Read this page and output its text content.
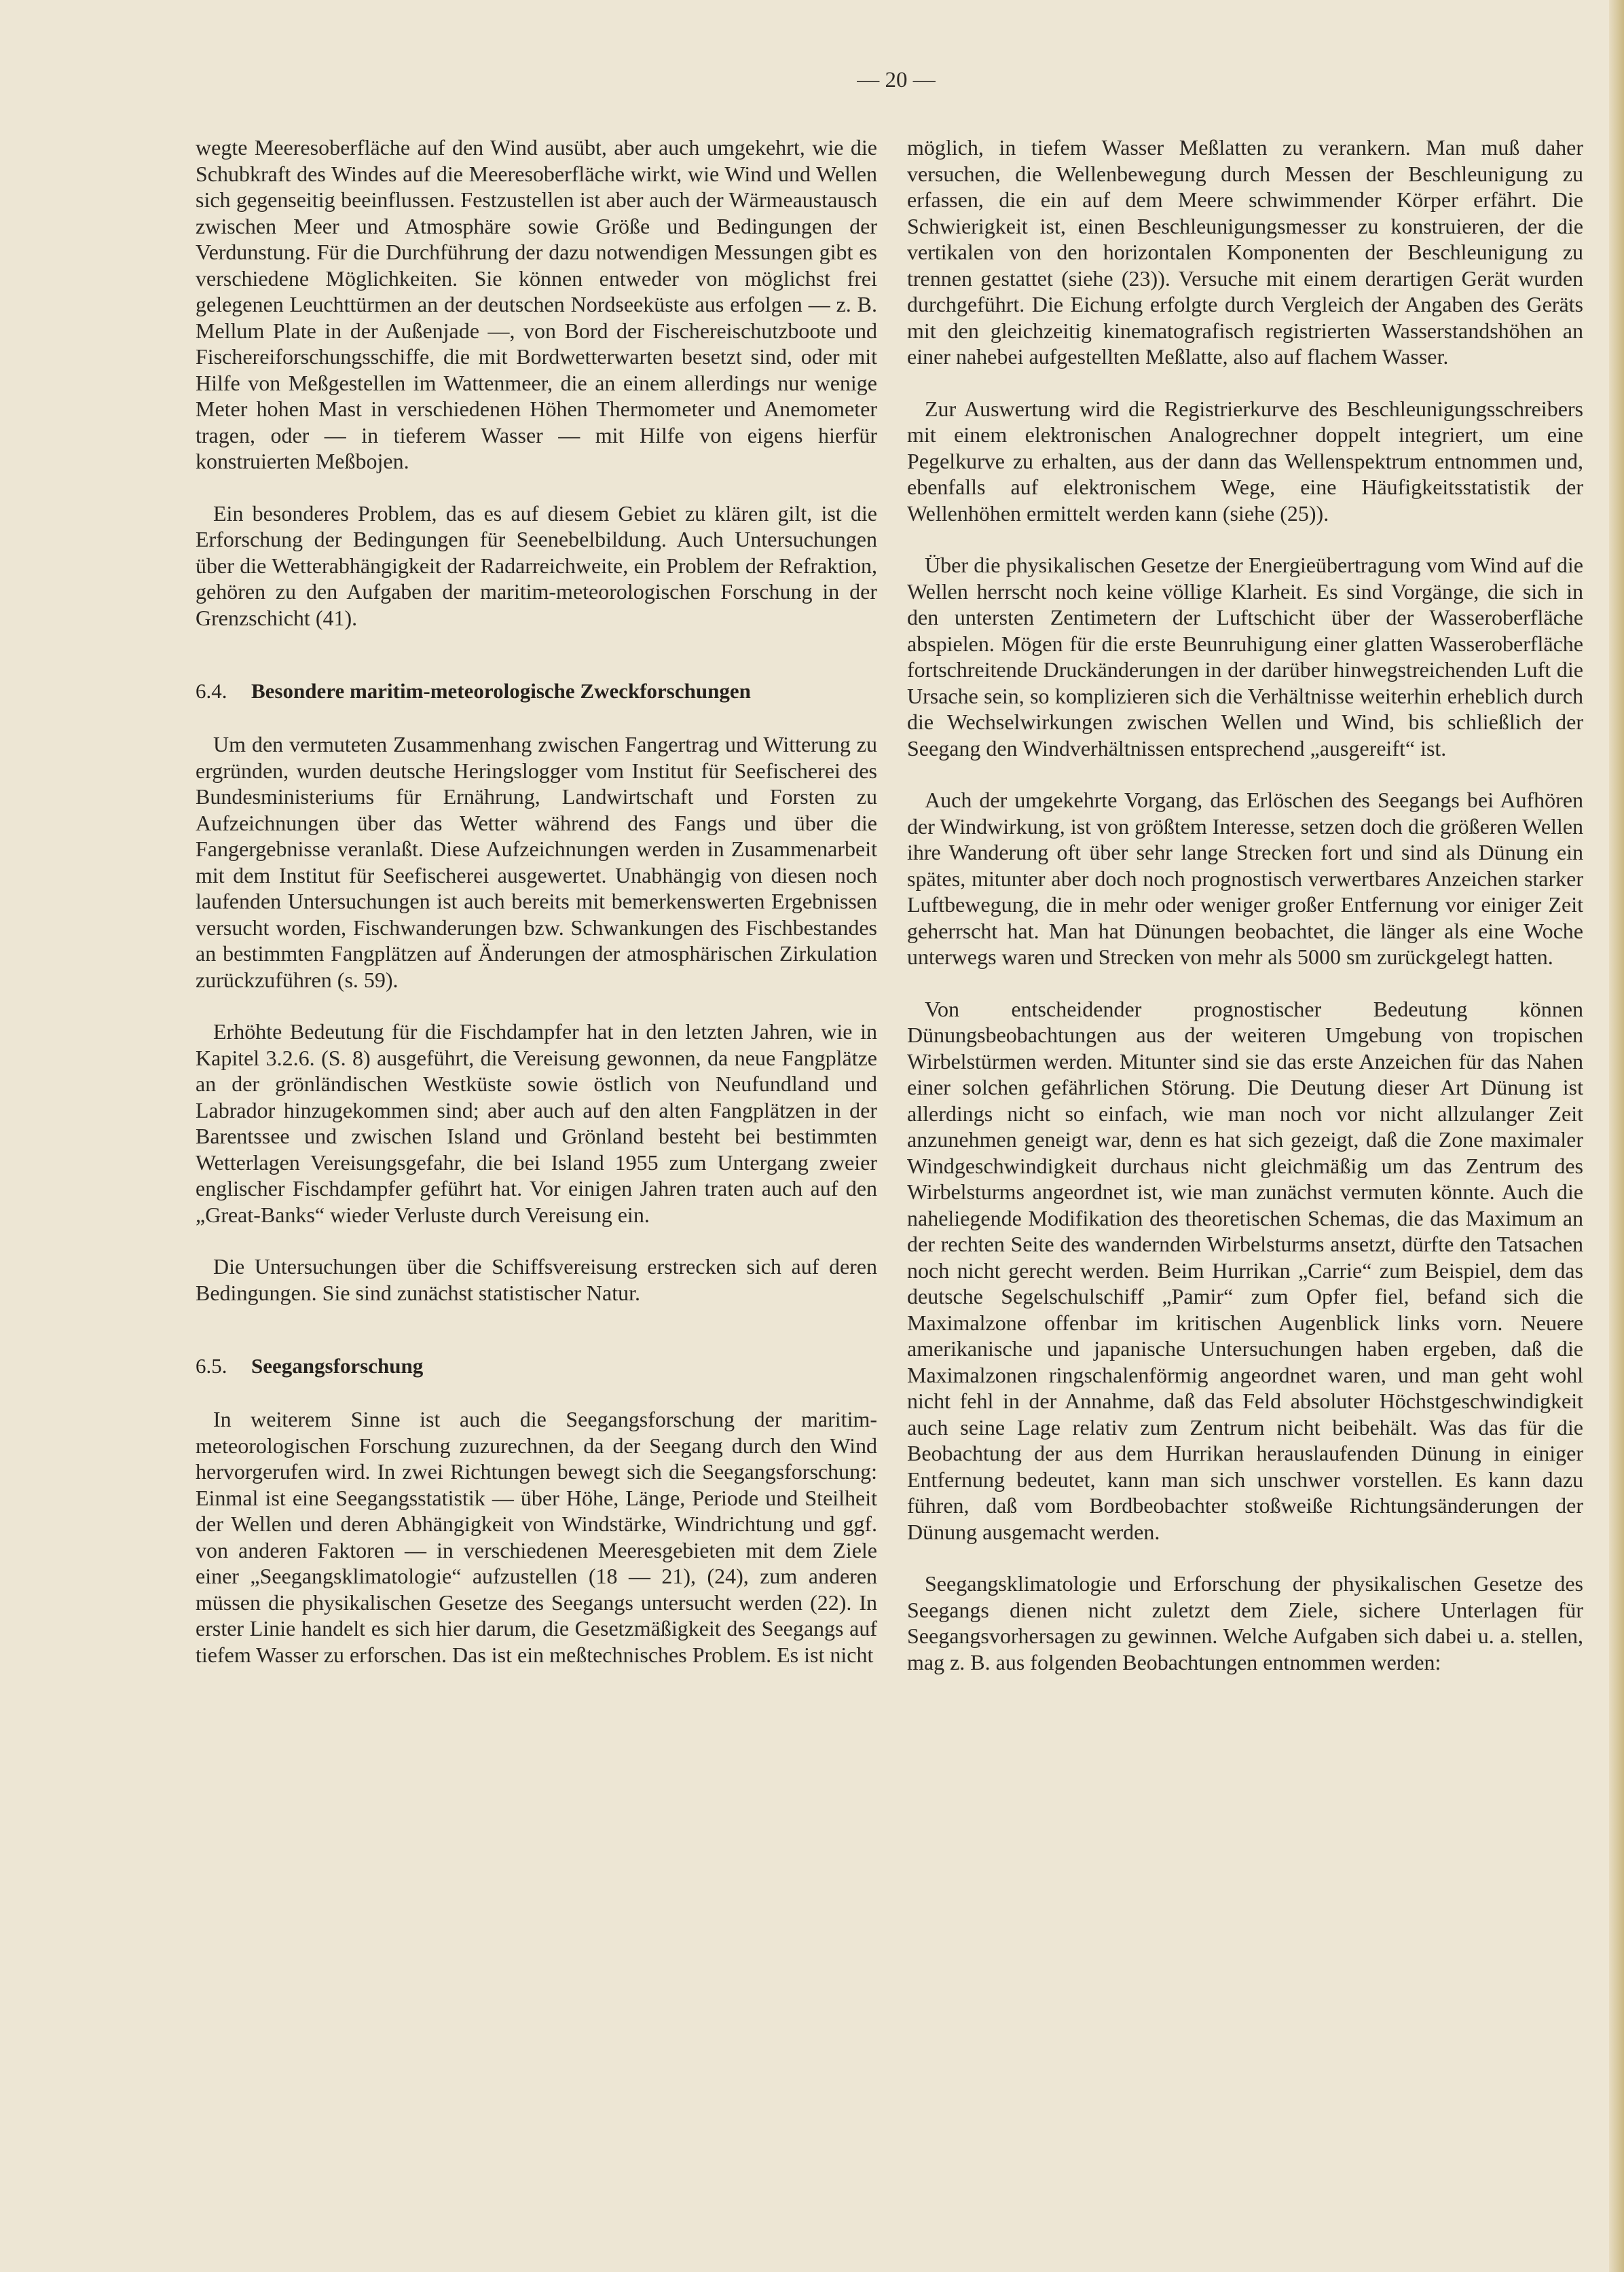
— 20 —

wegte Meeresoberfläche auf den Wind ausübt, aber auch umgekehrt, wie die Schubkraft des Windes auf die Meeresoberfläche wirkt, wie Wind und Wellen sich gegenseitig beeinflussen. Festzustellen ist aber auch der Wärmeaustausch zwischen Meer und Atmosphäre sowie Größe und Bedingungen der Verdunstung. Für die Durchführung der dazu notwendigen Messungen gibt es verschiedene Möglichkeiten. Sie können entweder von möglichst frei gelegenen Leuchttürmen an der deutschen Nordseeküste aus erfolgen — z. B. Mellum Plate in der Außenjade —, von Bord der Fischereischutzboote und Fischereiforschungsschiffe, die mit Bordwetterwarten besetzt sind, oder mit Hilfe von Meßgestellen im Wattenmeer, die an einem allerdings nur wenige Meter hohen Mast in verschiedenen Höhen Thermometer und Anemometer tragen, oder — in tieferem Wasser — mit Hilfe von eigens hierfür konstruierten Meßbojen.

Ein besonderes Problem, das es auf diesem Gebiet zu klären gilt, ist die Erforschung der Bedingungen für Seenebelbildung. Auch Untersuchungen über die Wetterabhängigkeit der Radarreichweite, ein Problem der Refraktion, gehören zu den Aufgaben der maritim-meteorologischen Forschung in der Grenzschicht (41).

6.4.	Besondere maritim-meteorologische Zweckforschungen

Um den vermuteten Zusammenhang zwischen Fangertrag und Witterung zu ergründen, wurden deutsche Heringslogger vom Institut für Seefischerei des Bundesministeriums für Ernährung, Landwirtschaft und Forsten zu Aufzeichnungen über das Wetter während des Fangs und über die Fangergebnisse veranlaßt. Diese Aufzeichnungen werden in Zusammenarbeit mit dem Institut für Seefischerei ausgewertet. Unabhängig von diesen noch laufenden Untersuchungen ist auch bereits mit bemerkenswerten Ergebnissen versucht worden, Fischwanderungen bzw. Schwankungen des Fischbestandes an bestimmten Fangplätzen auf Änderungen der atmosphärischen Zirkulation zurückzuführen (s. 59).

Erhöhte Bedeutung für die Fischdampfer hat in den letzten Jahren, wie in Kapitel 3.2.6. (S. 8) ausgeführt, die Vereisung gewonnen, da neue Fangplätze an der grönländischen Westküste sowie östlich von Neufundland und Labrador hinzugekommen sind; aber auch auf den alten Fangplätzen in der Barentssee und zwischen Island und Grönland besteht bei bestimmten Wetterlagen Vereisungsgefahr, die bei Island 1955 zum Untergang zweier englischer Fischdampfer geführt hat. Vor einigen Jahren traten auch auf den „Great-Banks“ wieder Verluste durch Vereisung ein.

Die Untersuchungen über die Schiffsvereisung erstrecken sich auf deren Bedingungen. Sie sind zunächst statistischer Natur.

6.5.	Seegangsforschung

In weiterem Sinne ist auch die Seegangsforschung der maritim-meteorologischen Forschung zuzurechnen, da der Seegang durch den Wind hervorgerufen wird. In zwei Richtungen bewegt sich die Seegangsforschung: Einmal ist eine Seegangsstatistik — über Höhe, Länge, Periode und Steilheit der Wellen und deren Abhängigkeit von Windstärke, Windrichtung und ggf. von anderen Faktoren — in verschiedenen Meeresgebieten mit dem Ziele einer „Seegangsklimatologie“ aufzustellen (18 — 21), (24), zum anderen müssen die physikalischen Gesetze des Seegangs untersucht werden (22). In erster Linie handelt es sich hier darum, die Gesetzmäßigkeit des Seegangs auf tiefem Wasser zu erforschen. Das ist ein meßtechnisches Problem. Es ist nicht

möglich, in tiefem Wasser Meßlatten zu verankern. Man muß daher versuchen, die Wellenbewegung durch Messen der Beschleunigung zu erfassen, die ein auf dem Meere schwimmender Körper erfährt. Die Schwierigkeit ist, einen Beschleunigungsmesser zu konstruieren, der die vertikalen von den horizontalen Komponenten der Beschleunigung zu trennen gestattet (siehe (23)). Versuche mit einem derartigen Gerät wurden durchgeführt. Die Eichung erfolgte durch Vergleich der Angaben des Geräts mit den gleichzeitig kinematografisch registrierten Wasserstandshöhen an einer nahebei aufgestellten Meßlatte, also auf flachem Wasser.

Zur Auswertung wird die Registrierkurve des Beschleunigungsschreibers mit einem elektronischen Analogrechner doppelt integriert, um eine Pegelkurve zu erhalten, aus der dann das Wellenspektrum entnommen und, ebenfalls auf elektronischem Wege, eine Häufigkeitsstatistik der Wellenhöhen ermittelt werden kann (siehe (25)).

Über die physikalischen Gesetze der Energieübertragung vom Wind auf die Wellen herrscht noch keine völlige Klarheit. Es sind Vorgänge, die sich in den untersten Zentimetern der Luftschicht über der Wasseroberfläche abspielen. Mögen für die erste Beunruhigung einer glatten Wasseroberfläche fortschreitende Druckänderungen in der darüber hinwegstreichenden Luft die Ursache sein, so komplizieren sich die Verhältnisse weiterhin erheblich durch die Wechselwirkungen zwischen Wellen und Wind, bis schließlich der Seegang den Windverhältnissen entsprechend „ausgereift“ ist.

Auch der umgekehrte Vorgang, das Erlöschen des Seegangs bei Aufhören der Windwirkung, ist von größtem Interesse, setzen doch die größeren Wellen ihre Wanderung oft über sehr lange Strecken fort und sind als Dünung ein spätes, mitunter aber doch noch prognostisch verwertbares Anzeichen starker Luftbewegung, die in mehr oder weniger großer Entfernung vor einiger Zeit geherrscht hat. Man hat Dünungen beobachtet, die länger als eine Woche unterwegs waren und Strecken von mehr als 5000 sm zurückgelegt hatten.

Von entscheidender prognostischer Bedeutung können Dünungsbeobachtungen aus der weiteren Umgebung von tropischen Wirbelstürmen werden. Mitunter sind sie das erste Anzeichen für das Nahen einer solchen gefährlichen Störung. Die Deutung dieser Art Dünung ist allerdings nicht so einfach, wie man noch vor nicht allzulanger Zeit anzunehmen geneigt war, denn es hat sich gezeigt, daß die Zone maximaler Windgeschwindigkeit durchaus nicht gleichmäßig um das Zentrum des Wirbelsturms angeordnet ist, wie man zunächst vermuten könnte. Auch die naheliegende Modifikation des theoretischen Schemas, die das Maximum an der rechten Seite des wandernden Wirbelsturms ansetzt, dürfte den Tatsachen noch nicht gerecht werden. Beim Hurrikan „Carrie“ zum Beispiel, dem das deutsche Segelschulschiff „Pamir“ zum Opfer fiel, befand sich die Maximalzone offenbar im kritischen Augenblick links vorn. Neuere amerikanische und japanische Untersuchungen haben ergeben, daß die Maximalzonen ringschalenförmig angeordnet waren, und man geht wohl nicht fehl in der Annahme, daß das Feld absoluter Höchstgeschwindigkeit auch seine Lage relativ zum Zentrum nicht beibehält. Was das für die Beobachtung der aus dem Hurrikan herauslaufenden Dünung in einiger Entfernung bedeutet, kann man sich unschwer vorstellen. Es kann dazu führen, daß vom Bordbeobachter stoßweiße Richtungsänderungen der Dünung ausgemacht werden.

Seegangsklimatologie und Erforschung der physikalischen Gesetze des Seegangs dienen nicht zuletzt dem Ziele, sichere Unterlagen für Seegangsvorhersagen zu gewinnen. Welche Aufgaben sich dabei u. a. stellen, mag z. B. aus folgenden Beobachtungen entnommen werden:
